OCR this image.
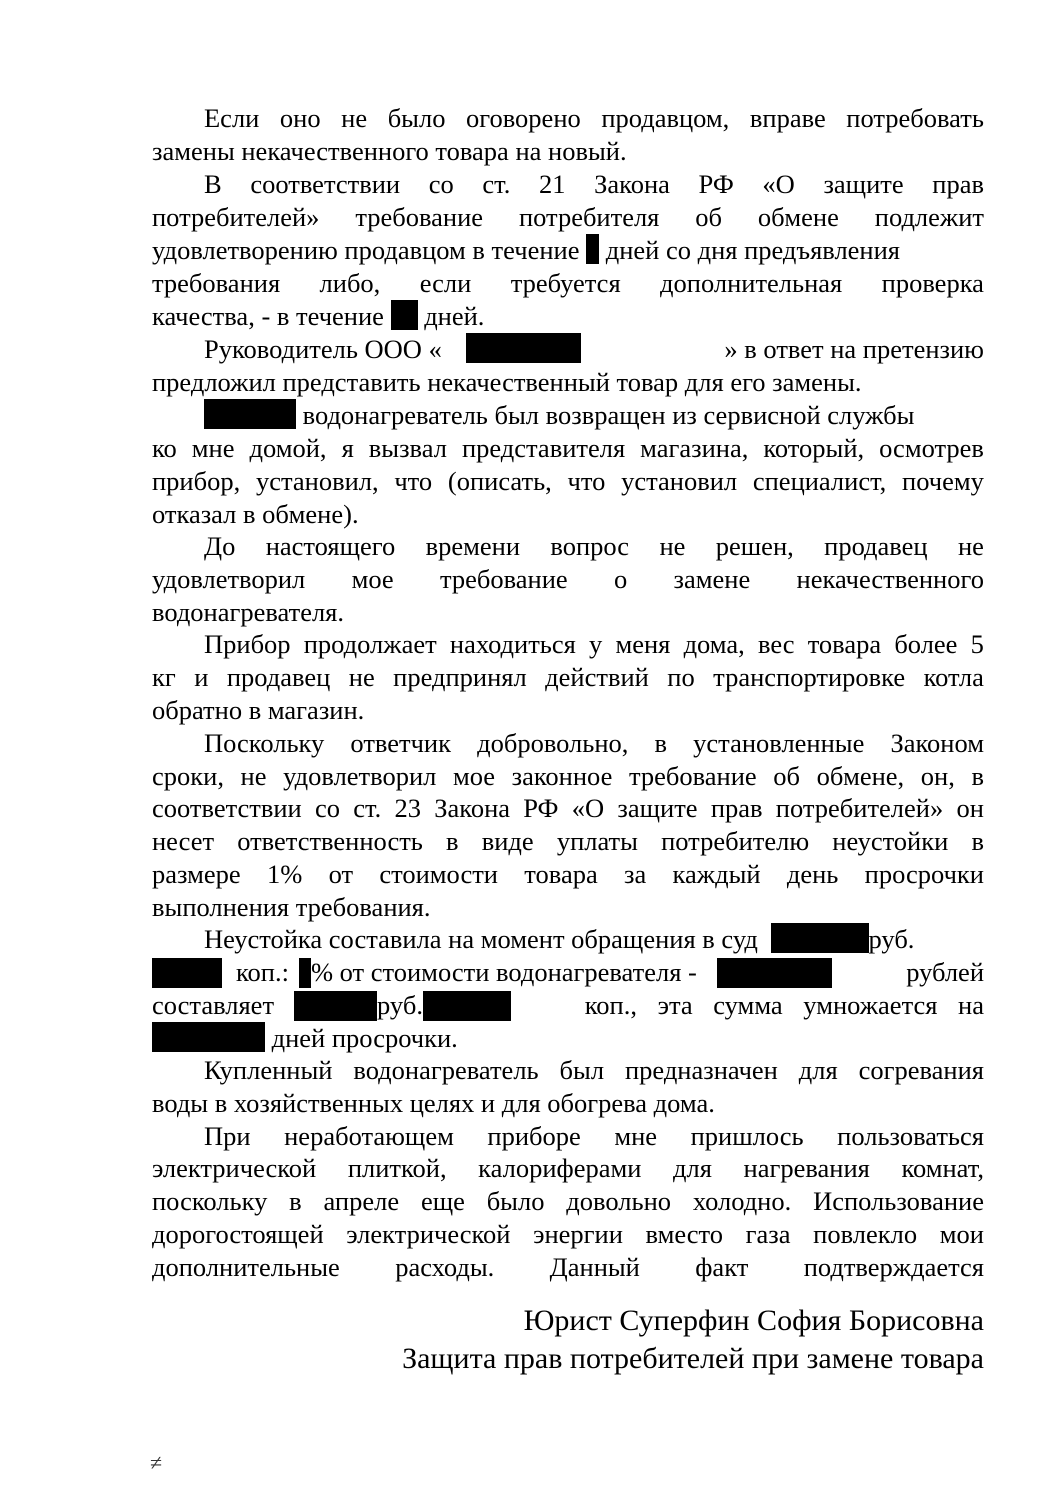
Если оно не было оговорено продавцом, вправе потребовать
замены некачественного товара на новый.
В соответствии со ст. 21 Закона РФ «О защите прав
потребителей» требование потребителя об обмене подлежит
удовлетворению продавцом в течение дней со дня предъявления
требования либо, если требуется дополнительная проверка
качества, - в течение дней.
Руководитель ООО «	» в ответ на претензию
предложил представить некачественный товар для его замены.
водонагреватель был возвращен из сервисной службы
ко мне домой, я вызвал представителя магазина, который, осмотрев
прибор, установил, что (описать, что установил специалист, почему
отказал в обмене).
До настоящего времени вопрос не решен, продавец не
удовлетворил мое требование о замене некачественного
водонагревателя.
Прибор продолжает находиться у меня дома, вес товара более 5
кг и продавец не предпринял действий по транспортировке котла
обратно в магазин.
Поскольку ответчик добровольно, в установленные Законом
сроки, не удовлетворил мое законное требование об обмене, он, в
соответствии со ст. 23 Закона РФ «О защите прав потребителей» он
несет ответственность в виде уплаты потребителю неустойки в
размере 1% от стоимости товара за каждый день просрочки
выполнения требования.
Неустойка составила на момент обращения в суд	руб.
коп.: % от стоимости водонагревателя -	рублей
составляет	руб.	коп., эта сумма умножается на
дней просрочки.
Купленный водонагреватель был предназначен для согревания
воды в хозяйственных целях и для обогрева дома.
При неработающем приборе мне пришлось пользоваться
электрической плиткой, калориферами для нагревания комнат,
поскольку в апреле еще было довольно холодно. Использование
дорогостоящей электрической энергии вместо газа повлекло мои
дополнительные расходы. Данный факт подтверждается
Юрист Суперфин София Борисовна
Защита прав потребителей при замене товара
≠
